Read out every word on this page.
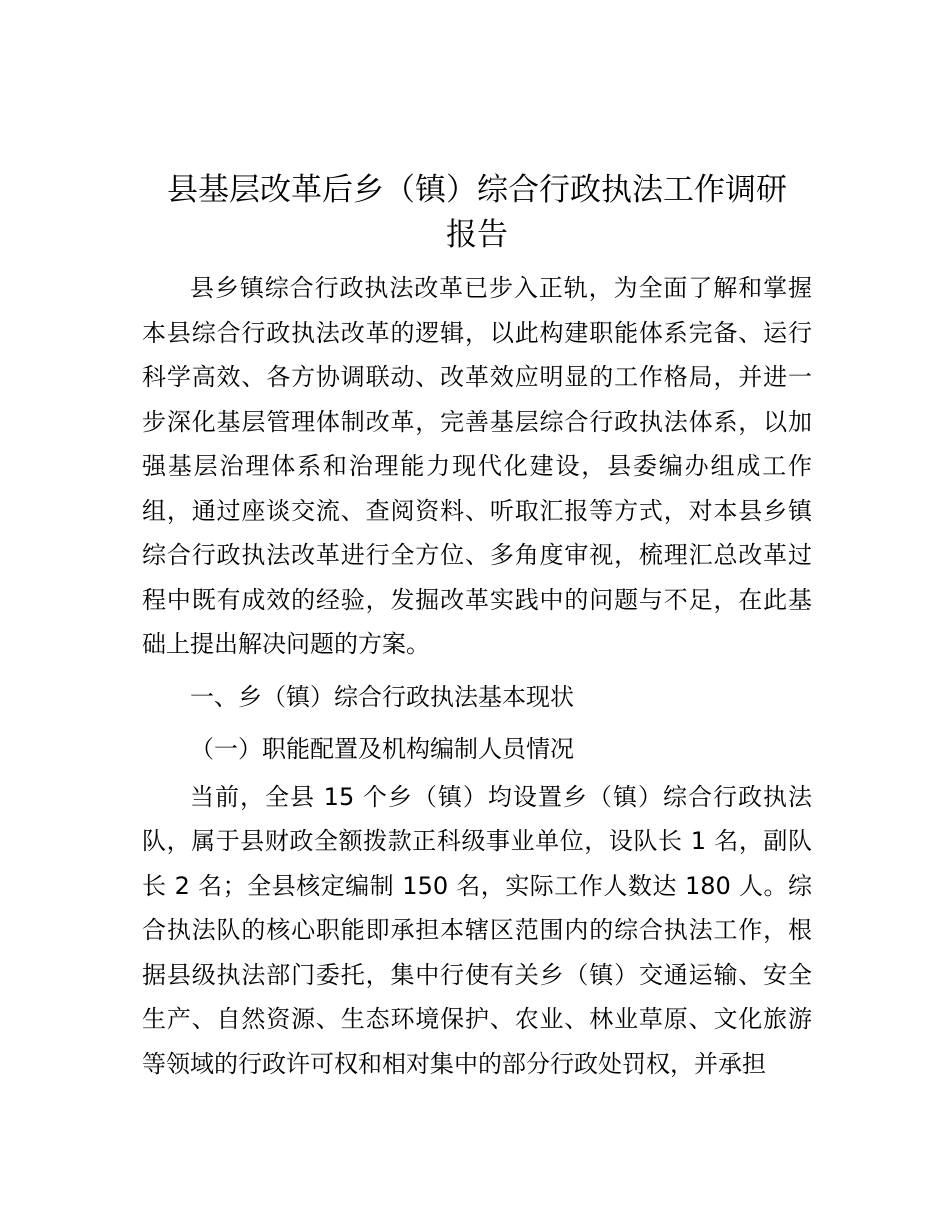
县基层改革后乡（镇）综合行政执法工作调研
报告

县乡镇综合行政执法改革已步入正轨，为全面了解和掌握本县综合行政执法改革的逻辑，以此构建职能体系完备、运行科学高效、各方协调联动、改革效应明显的工作格局，并进一步深化基层管理体制改革，完善基层综合行政执法体系，以加强基层治理体系和治理能力现代化建设，县委编办组成工作组，通过座谈交流、查阅资料、听取汇报等方式，对本县乡镇综合行政执法改革进行全方位、多角度审视，梳理汇总改革过程中既有成效的经验，发掘改革实践中的问题与不足，在此基础上提出解决问题的方案。

一、乡（镇）综合行政执法基本现状

（一）职能配置及机构编制人员情况

当前，全县 15 个乡（镇）均设置乡（镇）综合行政执法队，属于县财政全额拨款正科级事业单位，设队长 1 名，副队长 2 名；全县核定编制 150 名，实际工作人数达 180 人。综合执法队的核心职能即承担本辖区范围内的综合执法工作，根据县级执法部门委托，集中行使有关乡（镇）交通运输、安全生产、自然资源、生态环境保护、农业、林业草原、文化旅游等领域的行政许可权和相对集中的部分行政处罚权，并承担
